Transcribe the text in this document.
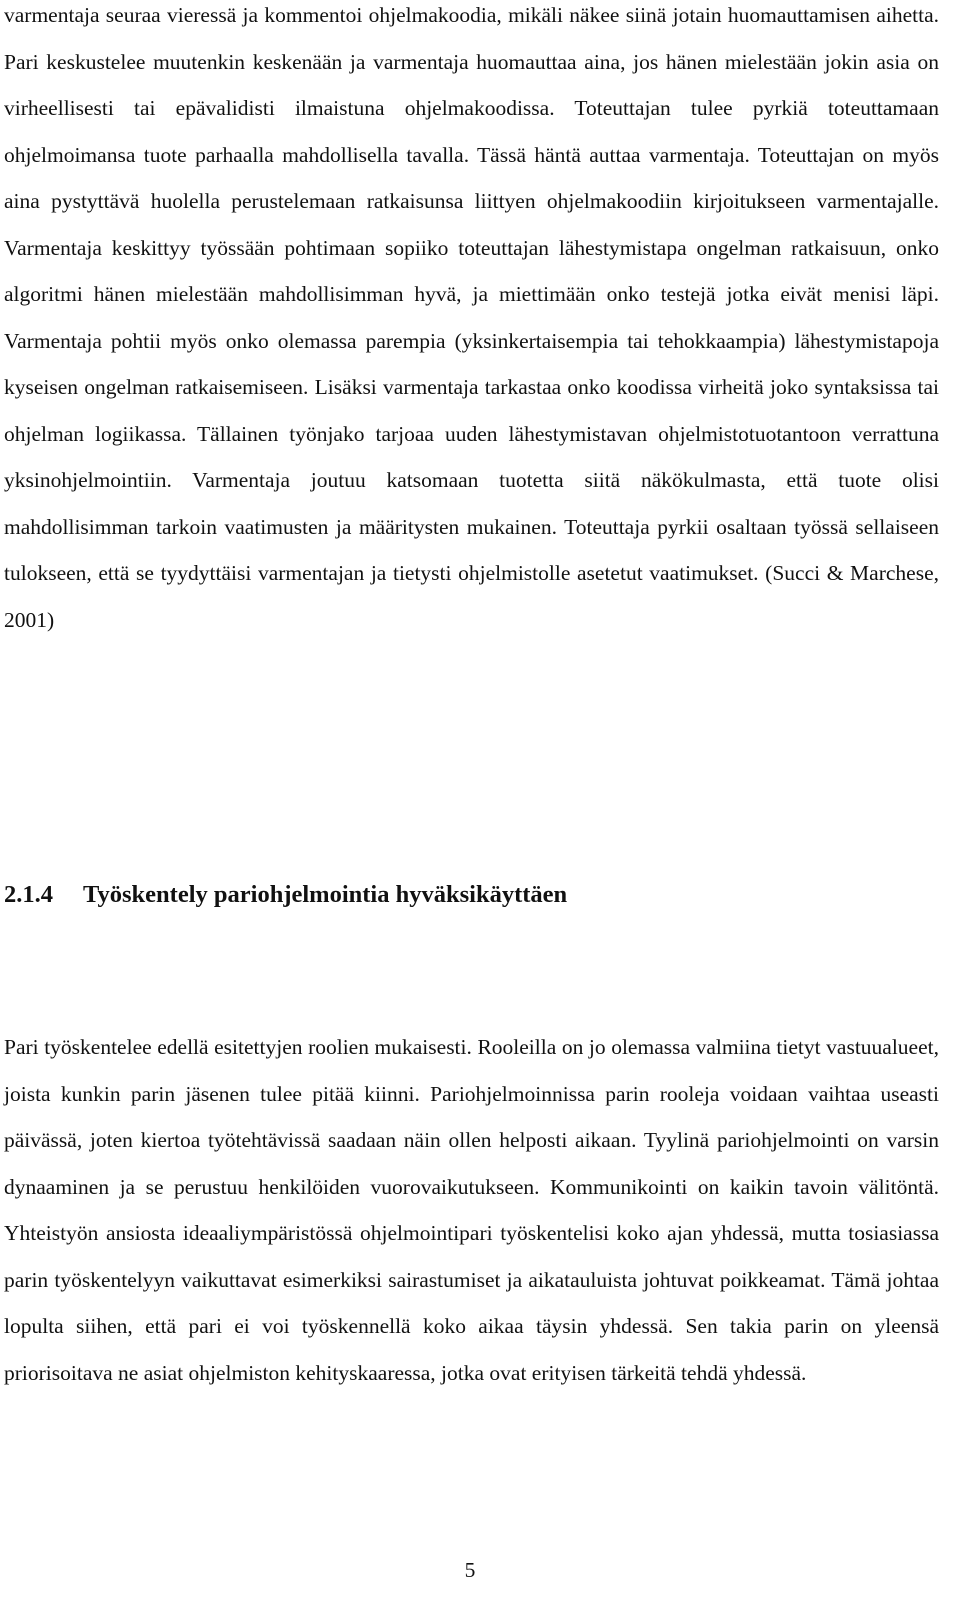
varmentaja seuraa vieressä ja kommentoi ohjelmakoodia, mikäli näkee siinä jotain huomauttamisen aihetta. Pari keskustelee muutenkin keskenään ja varmentaja huomauttaa aina, jos hänen mielestään jokin asia on virheellisesti tai epävalidisti ilmaistuna ohjelmakoodissa. Toteuttajan tulee pyrkiä toteuttamaan ohjelmoimansa tuote parhaalla mahdollisella tavalla. Tässä häntä auttaa varmentaja. Toteuttajan on myös aina pystyttävä huolella perustelemaan ratkaisunsa liittyen ohjelmakoodiin kirjoitukseen varmentajalle. Varmentaja keskittyy työssään pohtimaan sopiiko toteuttajan lähestymistapa ongelman ratkaisuun, onko algoritmi hänen mielestään mahdollisimman hyvä, ja miettimään onko testejä jotka eivät menisi läpi. Varmentaja pohtii myös onko olemassa parempia (yksinkertaisempia tai tehokkaampia) lähestymistapoja kyseisen ongelman ratkaisemiseen. Lisäksi varmentaja tarkastaa onko koodissa virheitä joko syntaksissa tai ohjelman logiikassa. Tällainen työnjako tarjoaa uuden lähestymistavan ohjelmistotuotantoon verrattuna yksinohjelmointiin. Varmentaja joutuu katsomaan tuotetta siitä näkökulmasta, että tuote olisi mahdollisimman tarkoin vaatimusten ja määritysten mukainen. Toteuttaja pyrkii osaltaan työssä sellaiseen tulokseen, että se tyydyttäisi varmentajan ja tietysti ohjelmistolle asetetut vaatimukset. (Succi & Marchese, 2001)

2.1.4 Työskentely pariohjelmointia hyväksikäyttäen

Pari työskentelee edellä esitettyjen roolien mukaisesti. Rooleilla on jo olemassa valmiina tietyt vastuualueet, joista kunkin parin jäsenen tulee pitää kiinni. Pariohjelmoinnissa parin rooleja voidaan vaihtaa useasti päivässä, joten kiertoa työtehtävissä saadaan näin ollen helposti aikaan. Tyylinä pariohjelmointi on varsin dynaaminen ja se perustuu henkilöiden vuorovaikutukseen. Kommunikointi on kaikin tavoin välitöntä. Yhteistyön ansiosta ideaaliympäristössä ohjelmointipari työskentelisi koko ajan yhdessä, mutta tosiasiassa parin työskentelyyn vaikuttavat esimerkiksi sairastumiset ja aikatauluista johtuvat poikkeamat. Tämä johtaa lopulta siihen, että pari ei voi työskennellä koko aikaa täysin yhdessä. Sen takia parin on yleensä priorisoitava ne asiat ohjelmiston kehityskaaressa, jotka ovat erityisen tärkeitä tehdä yhdessä.

5
